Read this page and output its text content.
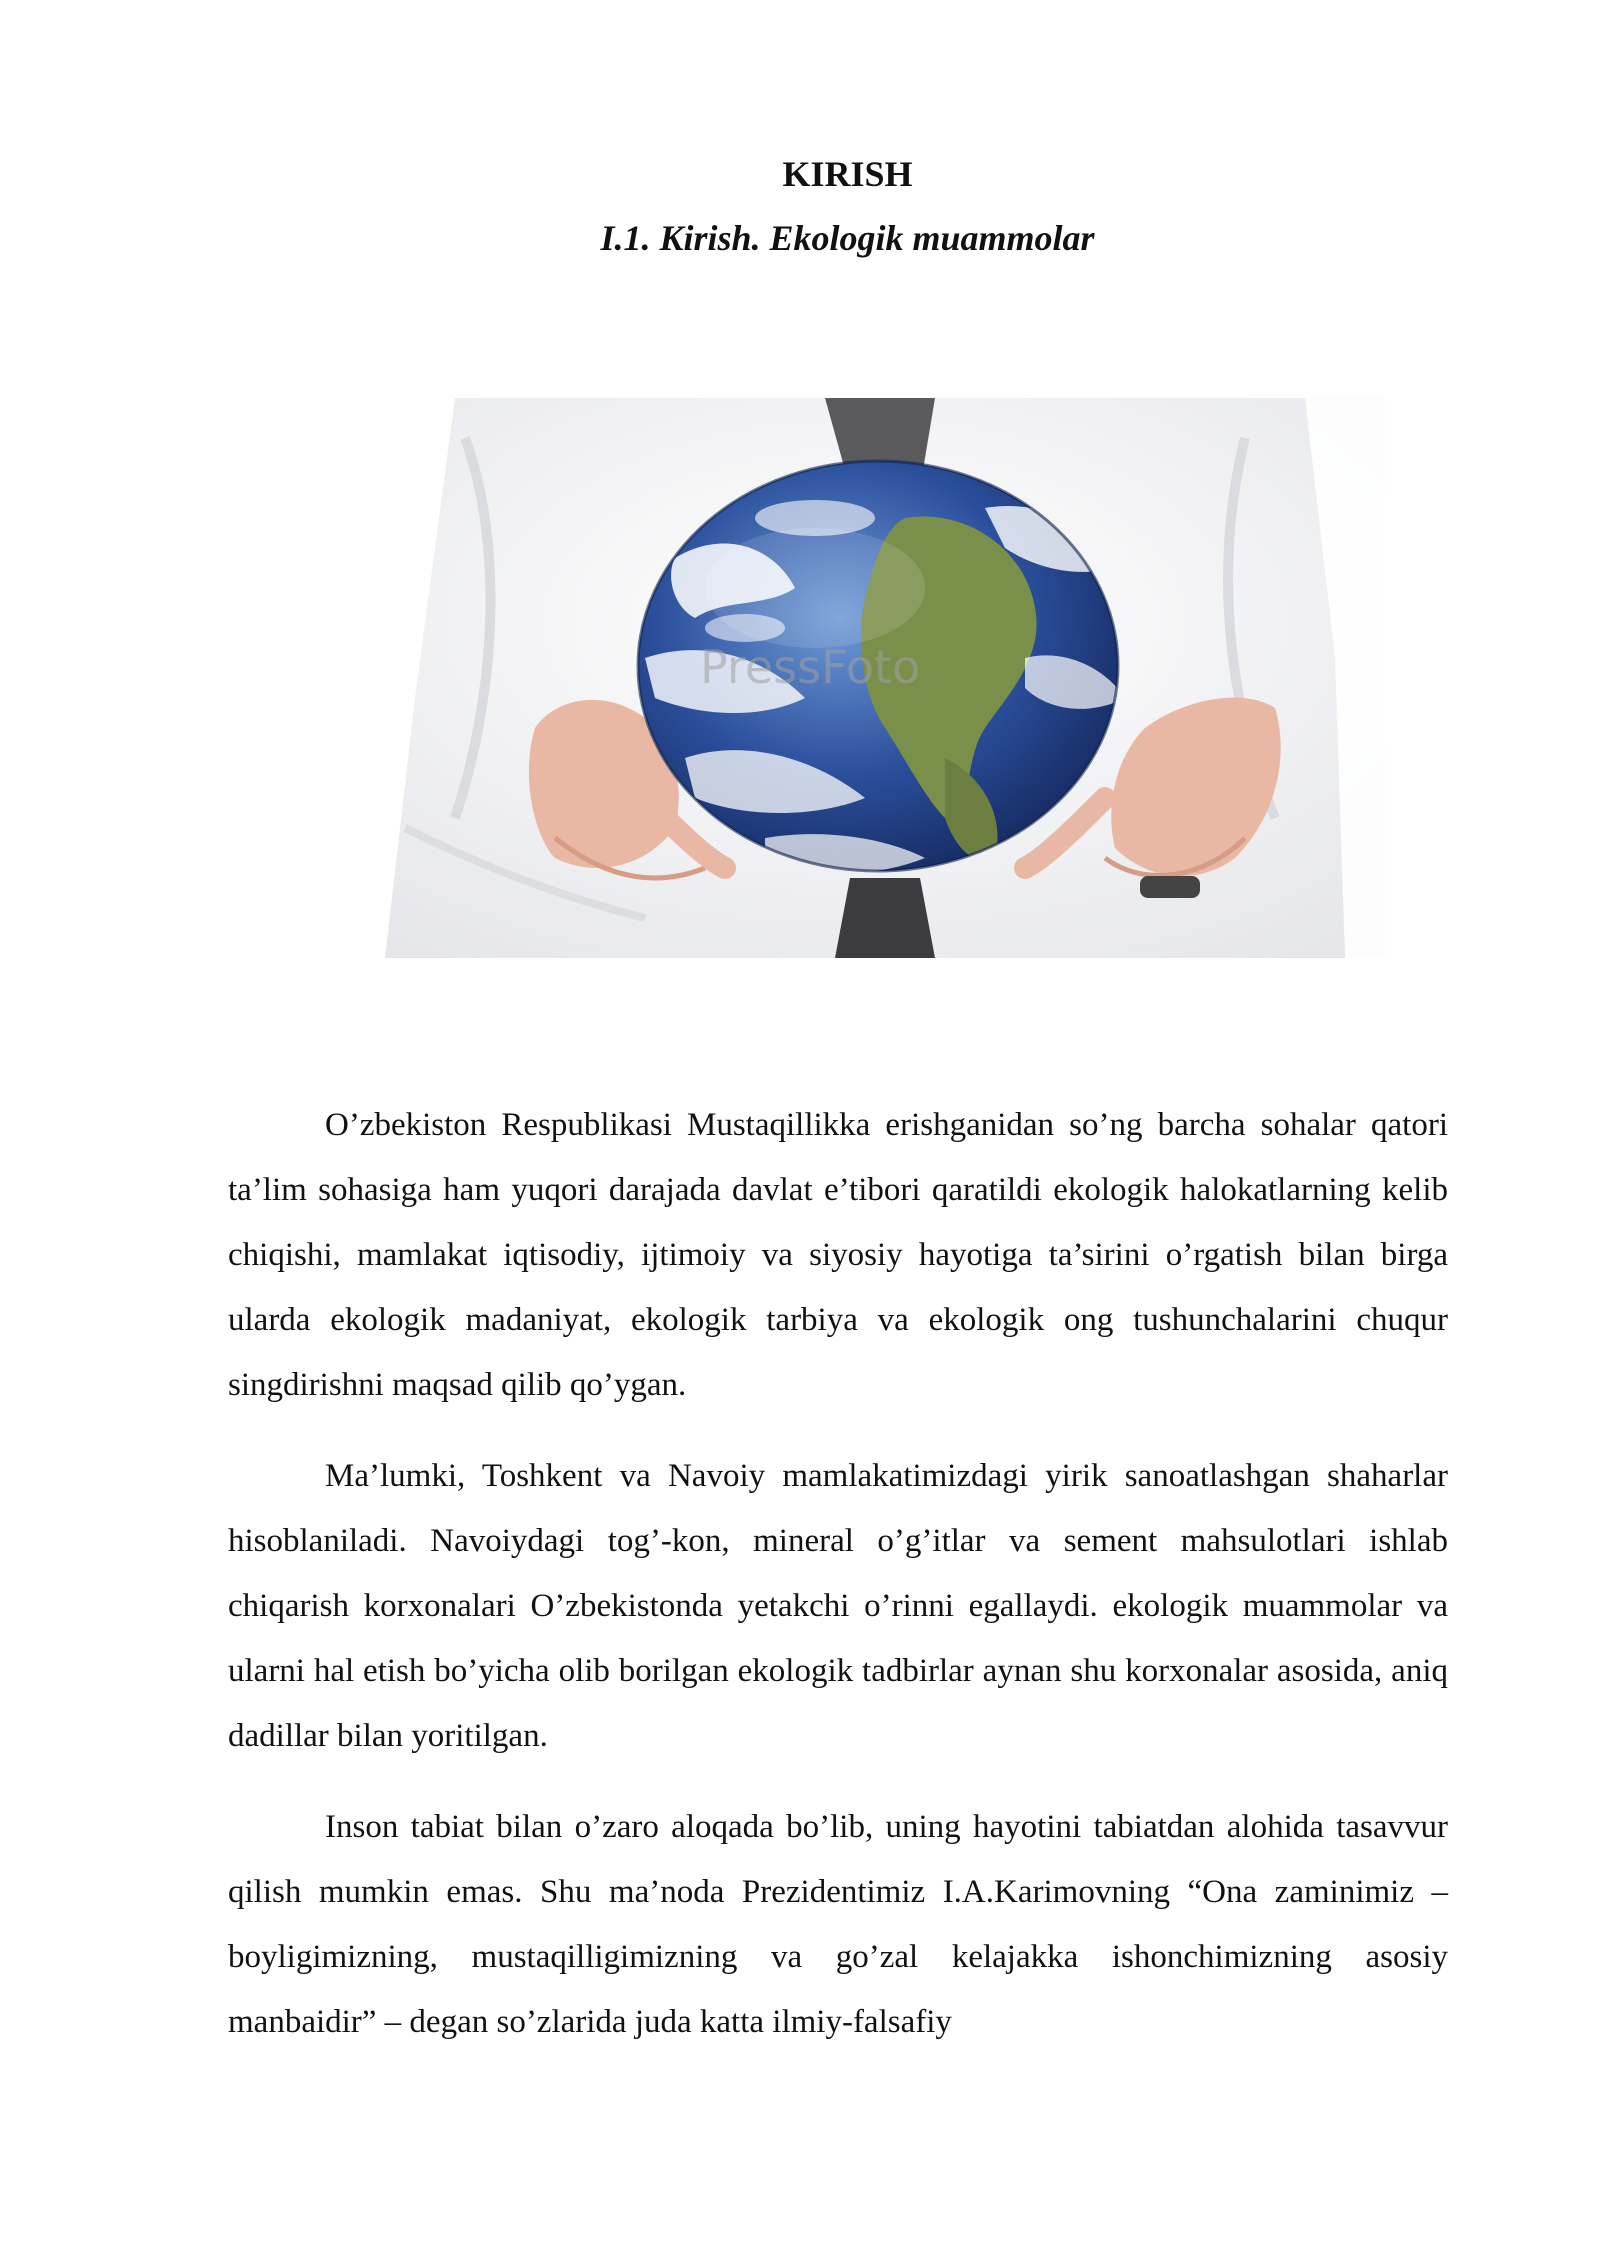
KIRISH
I.1. Kirish. Ekologik muammolar
PressFoto

O’zbekiston Respublikasi Mustaqillikka erishganidan so’ng barcha sohalar qatori ta’lim sohasiga ham yuqori darajada davlat e’tibori qaratildi ekologik halokatlarning kelib chiqishi, mamlakat iqtisodiy, ijtimoiy va siyosiy hayotiga ta’sirini o’rgatish bilan birga ularda ekologik madaniyat, ekologik tarbiya va ekologik ong tushunchalarini chuqur singdirishni maqsad qilib qo’ygan.

Ma’lumki, Toshkent va Navoiy mamlakatimizdagi yirik sanoatlashgan shaharlar hisoblaniladi. Navoiydagi tog’-kon, mineral o’g’itlar va sement mahsulotlari ishlab chiqarish korxonalari O’zbekistonda yetakchi o’rinni egallaydi. ekologik muammolar va ularni hal etish bo’yicha olib borilgan ekologik tadbirlar aynan shu korxonalar asosida, aniq dadillar bilan yoritilgan.

Inson tabiat bilan o’zaro aloqada bo’lib, uning hayotini tabiatdan alohida tasavvur qilish mumkin emas. Shu ma’noda Prezidentimiz I.A.Karimovning “Ona zaminimiz – boyligimizning, mustaqilligimizning va go’zal kelajakka ishonchimizning asosiy manbaidir” – degan so’zlarida juda katta ilmiy-falsafiy
